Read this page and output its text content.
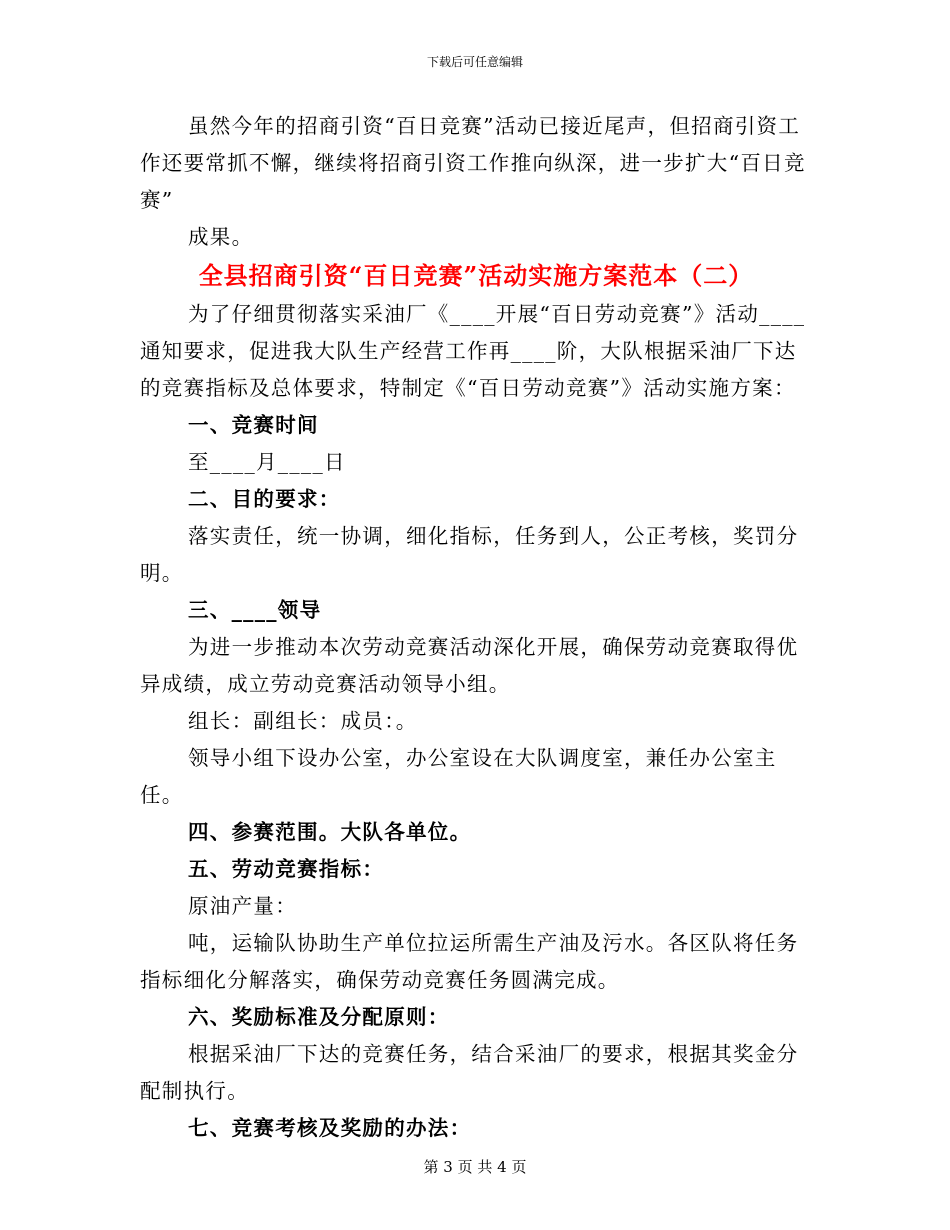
下载后可任意编辑

虽然今年的招商引资“百日竞赛”活动已接近尾声，但招商引资工作还要常抓不懈，继续将招商引资工作推向纵深，进一步扩大“百日竞赛”

成果。

全县招商引资“百日竞赛”活动实施方案范本（二）

为了仔细贯彻落实采油厂《____开展“百日劳动竞赛”》活动____通知要求，促进我大队生产经营工作再____阶，大队根据采油厂下达的竞赛指标及总体要求，特制定《“百日劳动竞赛”》活动实施方案：

一、竞赛时间

至____月____日

二、目的要求：

落实责任，统一协调，细化指标，任务到人，公正考核，奖罚分明。

三、____领导

为进一步推动本次劳动竞赛活动深化开展，确保劳动竞赛取得优异成绩，成立劳动竞赛活动领导小组。

组长：副组长：成员：。

领导小组下设办公室，办公室设在大队调度室，兼任办公室主任。

四、参赛范围。大队各单位。

五、劳动竞赛指标：

原油产量：

吨，运输队协助生产单位拉运所需生产油及污水。各区队将任务指标细化分解落实，确保劳动竞赛任务圆满完成。

六、奖励标准及分配原则：

根据采油厂下达的竞赛任务，结合采油厂的要求，根据其奖金分配制执行。

七、竞赛考核及奖励的办法：

第 3 页 共 4 页
